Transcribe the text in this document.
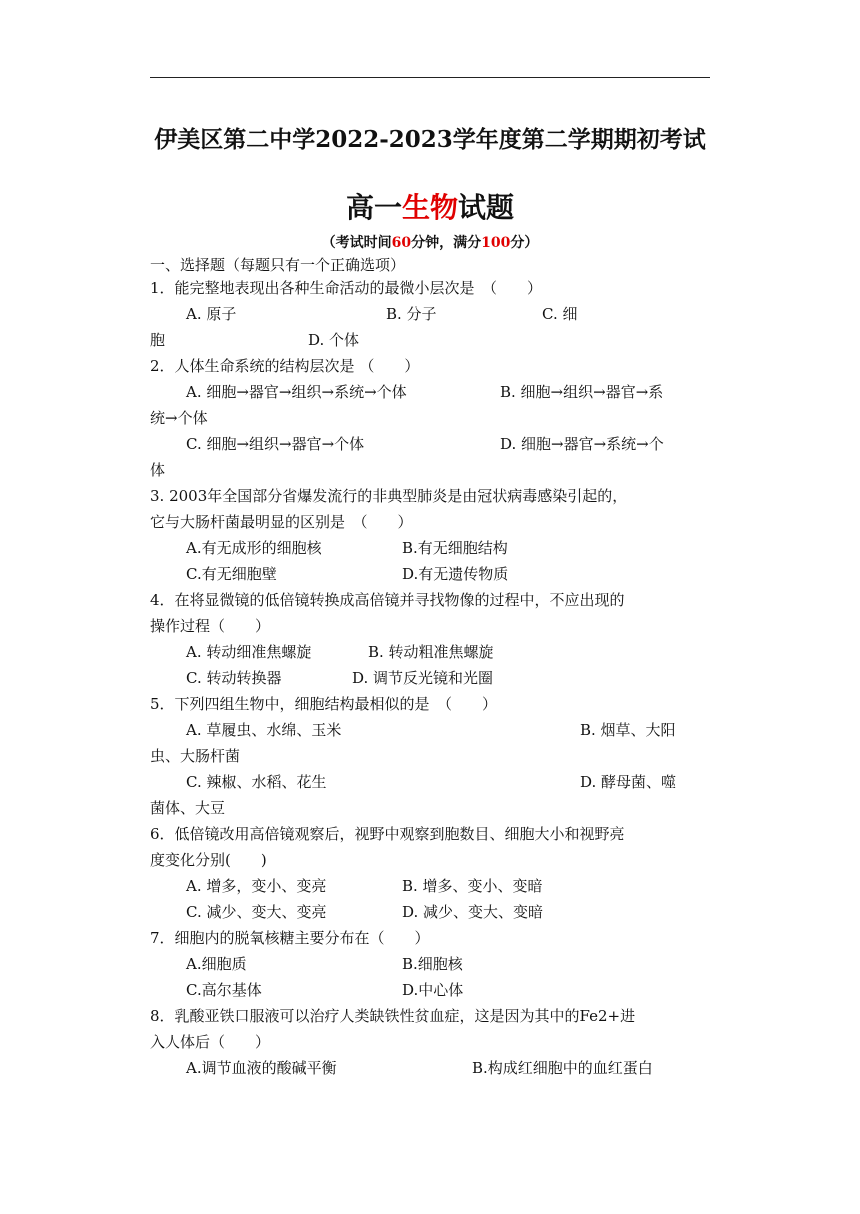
伊美区第二中学2022-2023学年度第二学期期初考试
高一生物试题
（考试时间60分钟，满分100分）
一、选择题（每题只有一个正确选项）
1．能完整地表现出各种生命活动的最微小层次是　（　　）
A. 原子	B. 分子	C. 细
胞	D. 个体
2．人体生命系统的结构层次是 （　　）
A. 细胞→器官→组织→系统→个体	B. 细胞→组织→器官→系
统→个体
C. 细胞→组织→器官→个体	D. 细胞→器官→系统→个
体
3. 2003年全国部分省爆发流行的非典型肺炎是由冠状病毒感染引起的，
它与大肠杆菌最明显的区别是　（　　）
A.有无成形的细胞核	B.有无细胞结构
C.有无细胞壁	D.有无遗传物质
4．在将显微镜的低倍镜转换成高倍镜并寻找物像的过程中，不应出现的
操作过程（　　）
A. 转动细准焦螺旋	B. 转动粗准焦螺旋
C. 转动转换器	D. 调节反光镜和光圈
5．下列四组生物中，细胞结构最相似的是　（　　）
A. 草履虫、水绵、玉米	B. 烟草、大阳
虫、大肠杆菌
C. 辣椒、水稻、花生	D. 酵母菌、噬
菌体、大豆
6．低倍镜改用高倍镜观察后，视野中观察到胞数目、细胞大小和视野亮
度变化分别(　　)
A. 增多，变小、变亮	B. 增多、变小、变暗
C. 减少、变大、变亮	D. 减少、变大、变暗
7．细胞内的脱氧核糖主要分布在（　　）
A.细胞质	B.细胞核
C.高尔基体	D.中心体
8．乳酸亚铁口服液可以治疗人类缺铁性贫血症，这是因为其中的Fe2+进
入人体后（　　）
A.调节血液的酸碱平衡	B.构成红细胞中的血红蛋白
